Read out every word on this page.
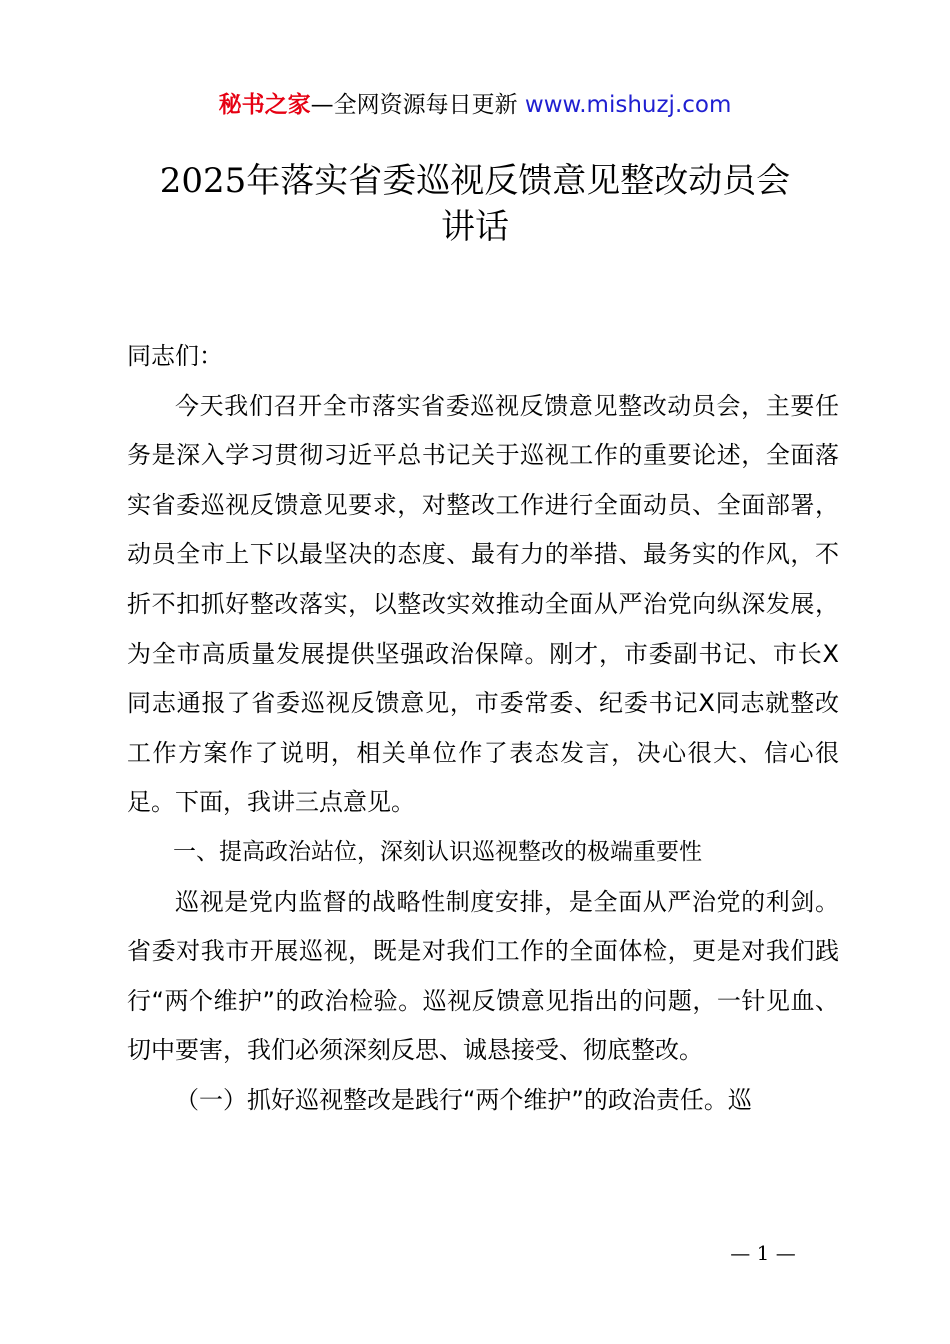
秘书之家—全网资源每日更新 www.mishuzj.com
2025年落实省委巡视反馈意见整改动员会
讲话

同志们：

今天我们召开全市落实省委巡视反馈意见整改动员会，主要任务是深入学习贯彻习近平总书记关于巡视工作的重要论述，全面落实省委巡视反馈意见要求，对整改工作进行全面动员、全面部署，动员全市上下以最坚决的态度、最有力的举措、最务实的作风，不折不扣抓好整改落实，以整改实效推动全面从严治党向纵深发展，为全市高质量发展提供坚强政治保障。刚才，市委副书记、市长X同志通报了省委巡视反馈意见，市委常委、纪委书记X同志就整改工作方案作了说明，相关单位作了表态发言，决心很大、信心很足。下面，我讲三点意见。

一、提高政治站位，深刻认识巡视整改的极端重要性

巡视是党内监督的战略性制度安排，是全面从严治党的利剑。省委对我市开展巡视，既是对我们工作的全面体检，更是对我们践行“两个维护”的政治检验。巡视反馈意见指出的问题，一针见血、切中要害，我们必须深刻反思、诚恳接受、彻底整改。

（一）抓好巡视整改是践行“两个维护”的政治责任。巡

— 1 —
